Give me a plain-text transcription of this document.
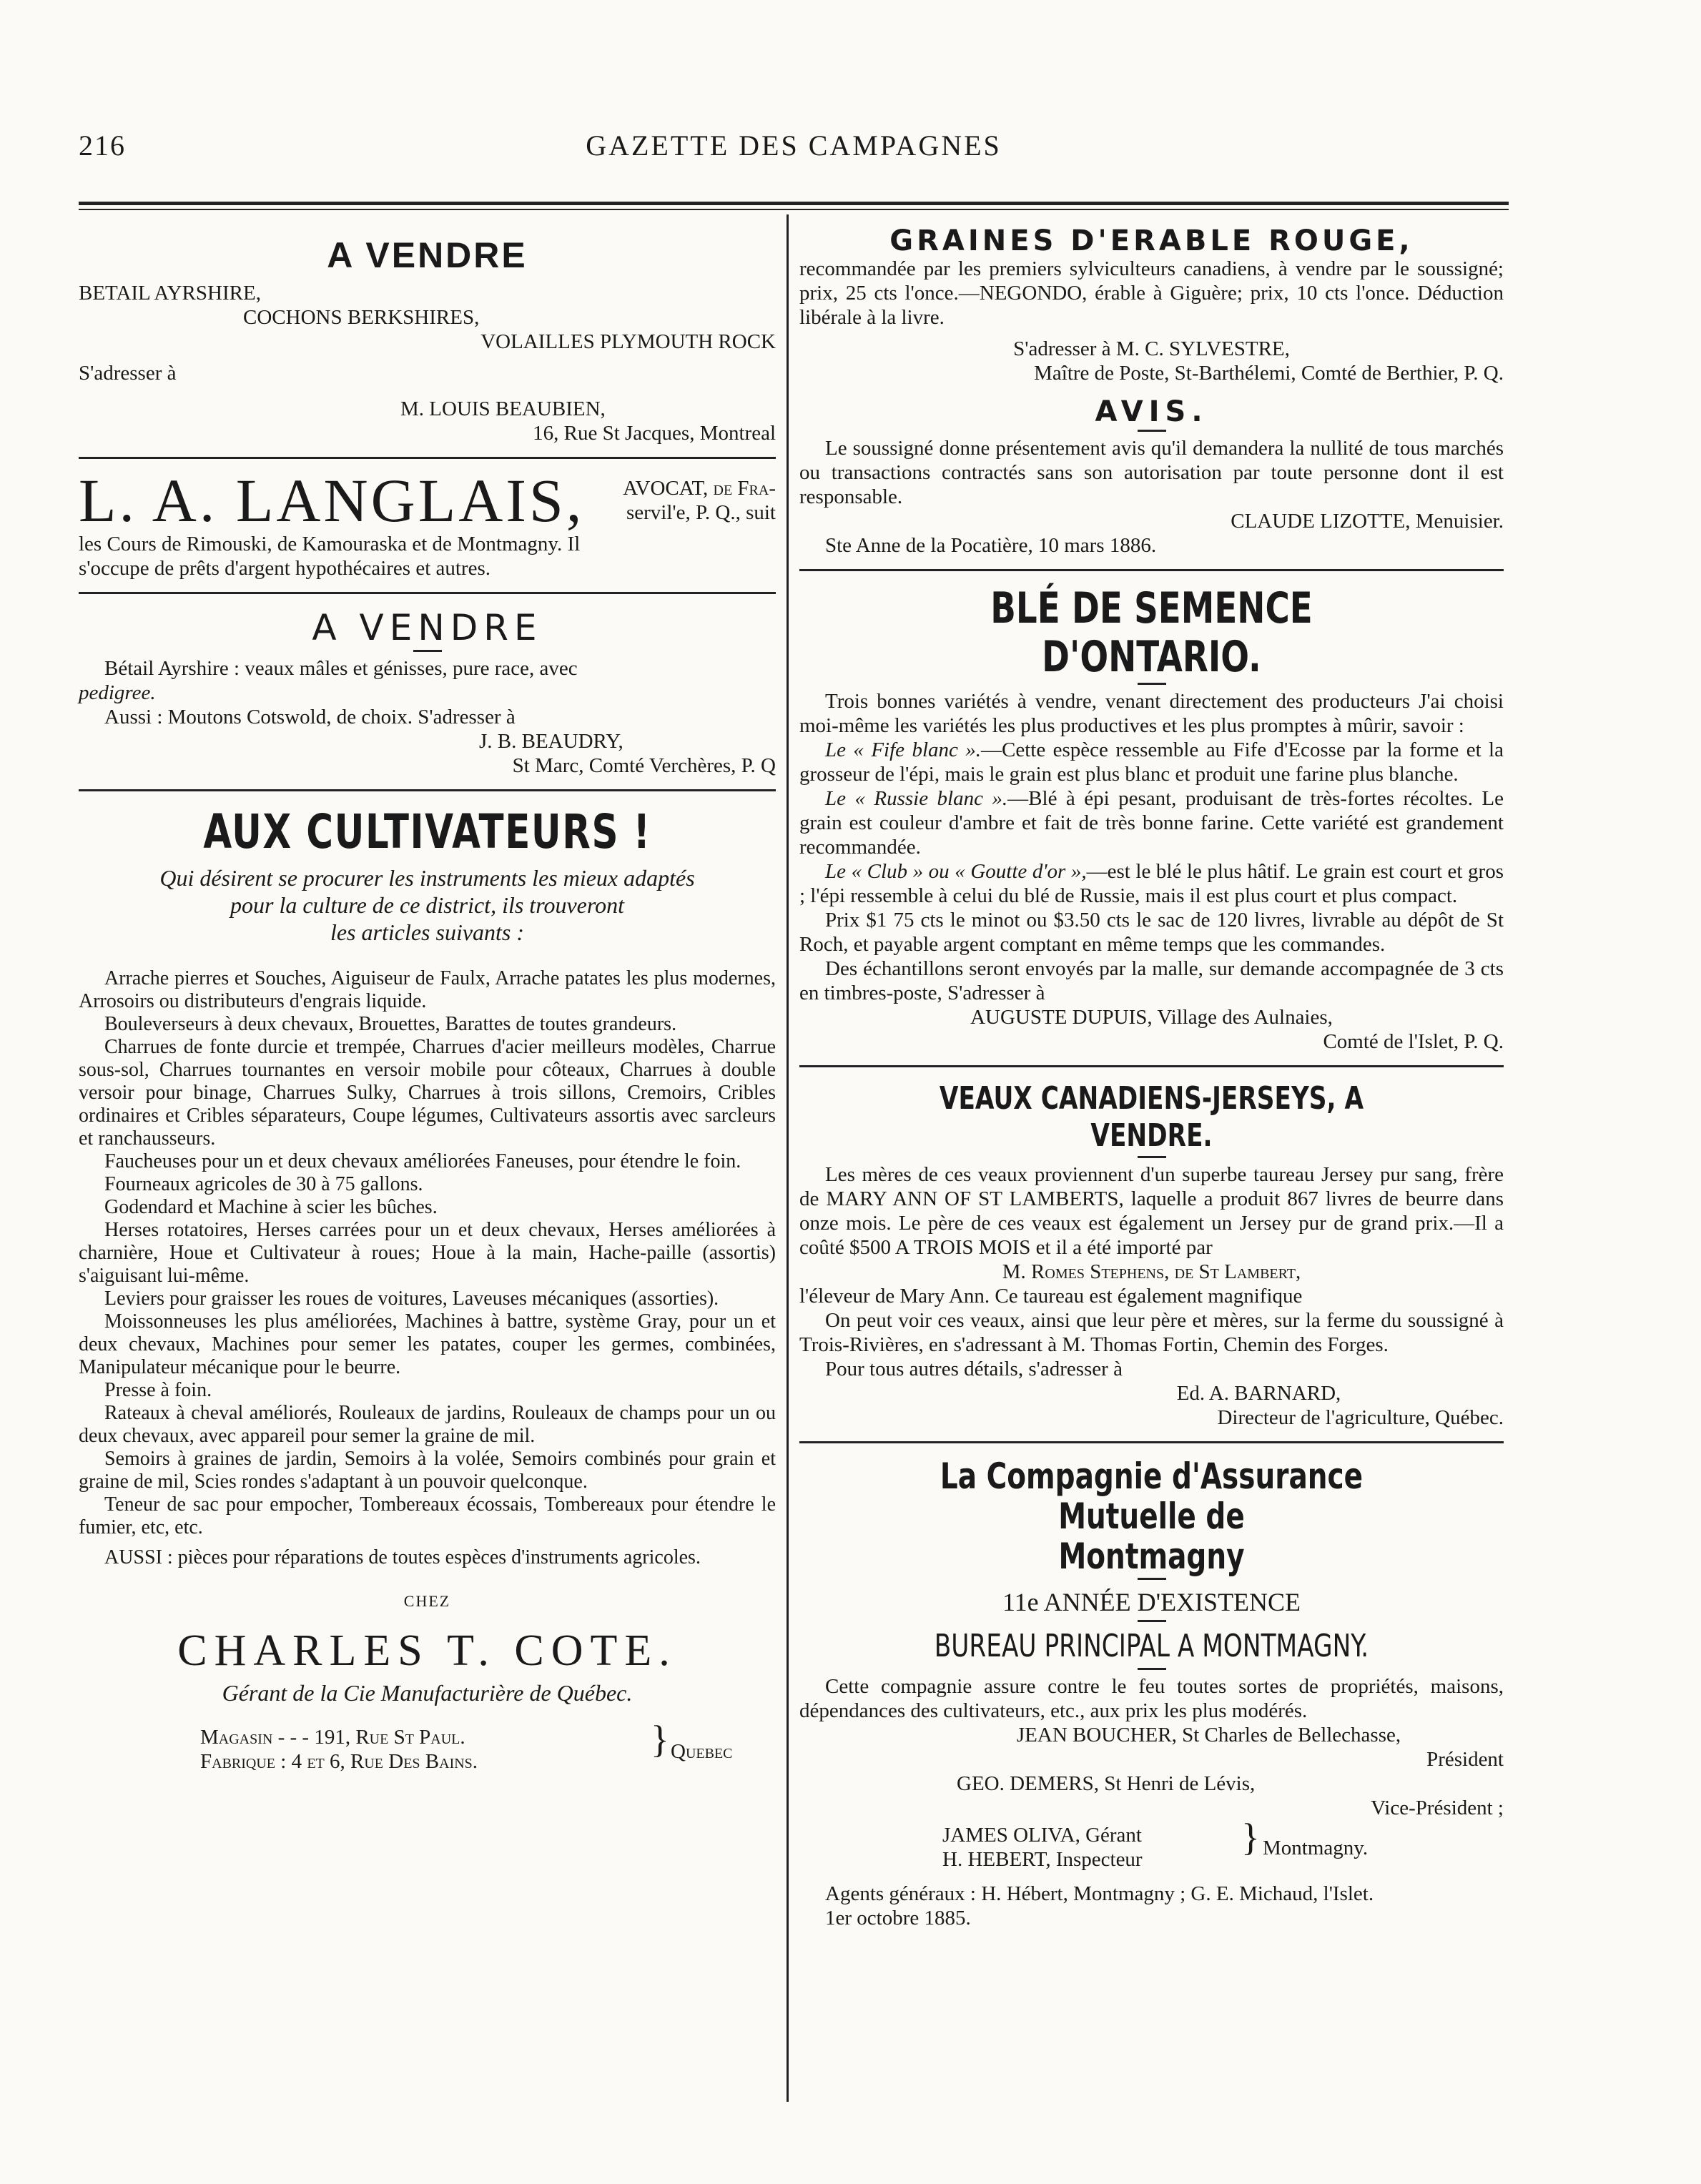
216	GAZETTE DES CAMPAGNES
A VENDRE

BETAIL AYRSHIRE,

COCHONS BERKSHIRES,

VOLAILLES PLYMOUTH ROCK

S'adresser à

M. LOUIS BEAUBIEN,

16, Rue St Jacques, Montreal

L. A. LANGLAIS, AVOCAT, de Fra-

servil'e, P. Q., suit

les Cours de Rimouski, de Kamouraska et de Montmagny. Il

s'occupe de prêts d'argent hypothécaires et autres.

A VENDRE

Bétail Ayrshire : veaux mâles et génisses, pure race, avec

pedigree.

Aussi : Moutons Cotswold, de choix. S'adresser à

J. B. BEAUDRY,

St Marc, Comté Verchères, P. Q

AUX CULTIVATEURS !

Qui désirent se procurer les instruments les mieux adaptés

pour la culture de ce district, ils trouveront

les articles suivants :

Arrache pierres et Souches, Aiguiseur de Faulx, Arrache patates les plus modernes, Arrosoirs ou distributeurs d'engrais liquide.

Bouleverseurs à deux chevaux, Brouettes, Barattes de toutes grandeurs.

Charrues de fonte durcie et trempée, Charrues d'acier meilleurs modèles, Charrue sous-sol, Charrues tournantes en versoir mobile pour côteaux, Charrues à double versoir pour binage, Charrues Sulky, Charrues à trois sillons, Cremoirs, Cribles ordinaires et Cribles séparateurs, Coupe légumes, Cultivateurs assortis avec sarcleurs et ranchausseurs.

Faucheuses pour un et deux chevaux améliorées Faneuses, pour étendre le foin.

Fourneaux agricoles de 30 à 75 gallons.

Godendard et Machine à scier les bûches.

Herses rotatoires, Herses carrées pour un et deux chevaux, Herses améliorées à charnière, Houe et Cultivateur à roues; Houe à la main, Hache-paille (assortis) s'aiguisant lui-même.

Leviers pour graisser les roues de voitures, Laveuses mécaniques (assorties).

Moissonneuses les plus améliorées, Machines à battre, système Gray, pour un et deux chevaux, Machines pour semer les patates, couper les germes, combinées, Manipulateur mécanique pour le beurre.

Presse à foin.

Rateaux à cheval améliorés, Rouleaux de jardins, Rouleaux de champs pour un ou deux chevaux, avec appareil pour semer la graine de mil.

Semoirs à graines de jardin, Semoirs à la volée, Semoirs combinés pour grain et graine de mil, Scies rondes s'adaptant à un pouvoir quelconque.

Teneur de sac pour empocher, Tombereaux écossais, Tombereaux pour étendre le fumier, etc, etc.

AUSSI : pièces pour réparations de toutes espèces d'instruments agricoles.

CHEZ

CHARLES T. COTE.

Gérant de la Cie Manufacturière de Québec.

Magasin - - - 191, Rue St Paul.

Fabrique : 4 et 6, Rue Des Bains.

} Quebec
GRAINES D'ERABLE ROUGE,

recommandée par les premiers sylviculteurs canadiens, à vendre par le soussigné; prix, 25 cts l'once.—NEGONDO, érable à Giguère; prix, 10 cts l'once. Déduction libérale à la livre.

S'adresser à M. C. SYLVESTRE,

Maître de Poste, St-Barthélemi, Comté de Berthier, P. Q.

AVIS.

Le soussigné donne présentement avis qu'il demandera la nullité de tous marchés ou transactions contractés sans son autorisation par toute personne dont il est responsable.

CLAUDE LIZOTTE, Menuisier.

Ste Anne de la Pocatière, 10 mars 1886.

BLÉ DE SEMENCE D'ONTARIO.

Trois bonnes variétés à vendre, venant directement des producteurs J'ai choisi moi-même les variétés les plus productives et les plus promptes à mûrir, savoir :

Le « Fife blanc ».—Cette espèce ressemble au Fife d'Ecosse par la forme et la grosseur de l'épi, mais le grain est plus blanc et produit une farine plus blanche.

Le « Russie blanc ».—Blé à épi pesant, produisant de très-fortes récoltes. Le grain est couleur d'ambre et fait de très bonne farine. Cette variété est grandement recommandée.

Le « Club » ou « Goutte d'or »,—est le blé le plus hâtif. Le grain est court et gros ; l'épi ressemble à celui du blé de Russie, mais il est plus court et plus compact.

Prix $1 75 cts le minot ou $3.50 cts le sac de 120 livres, livrable au dépôt de St Roch, et payable argent comptant en même temps que les commandes.

Des échantillons seront envoyés par la malle, sur demande accompagnée de 3 cts en timbres-poste, S'adresser à

AUGUSTE DUPUIS, Village des Aulnaies,

Comté de l'Islet, P. Q.

VEAUX CANADIENS-JERSEYS, A VENDRE.

Les mères de ces veaux proviennent d'un superbe taureau Jersey pur sang, frère de MARY ANN OF ST LAMBERTS, laquelle a produit 867 livres de beurre dans onze mois. Le père de ces veaux est également un Jersey pur de grand prix.—Il a coûté $500 A TROIS MOIS et il a été importé par

M. Romes Stephens, de St Lambert,

l'éleveur de Mary Ann. Ce taureau est également magnifique

On peut voir ces veaux, ainsi que leur père et mères, sur la ferme du soussigné à Trois-Rivières, en s'adressant à M. Thomas Fortin, Chemin des Forges.

Pour tous autres détails, s'adresser à

Ed. A. BARNARD,

Directeur de l'agriculture, Québec.

La Compagnie d'Assurance Mutuelle de
Montmagny

11e ANNÉE D'EXISTENCE

BUREAU PRINCIPAL A MONTMAGNY.

Cette compagnie assure contre le feu toutes sortes de propriétés, maisons, dépendances des cultivateurs, etc., aux prix les plus modérés.

JEAN BOUCHER, St Charles de Bellechasse,

Président

GEO. DEMERS, St Henri de Lévis,

Vice-Président ;

JAMES OLIVA, Gérant

H. HEBERT, Inspecteur

} Montmagny.

Agents généraux : H. Hébert, Montmagny ; G. E. Michaud, l'Islet.

1er octobre 1885.
